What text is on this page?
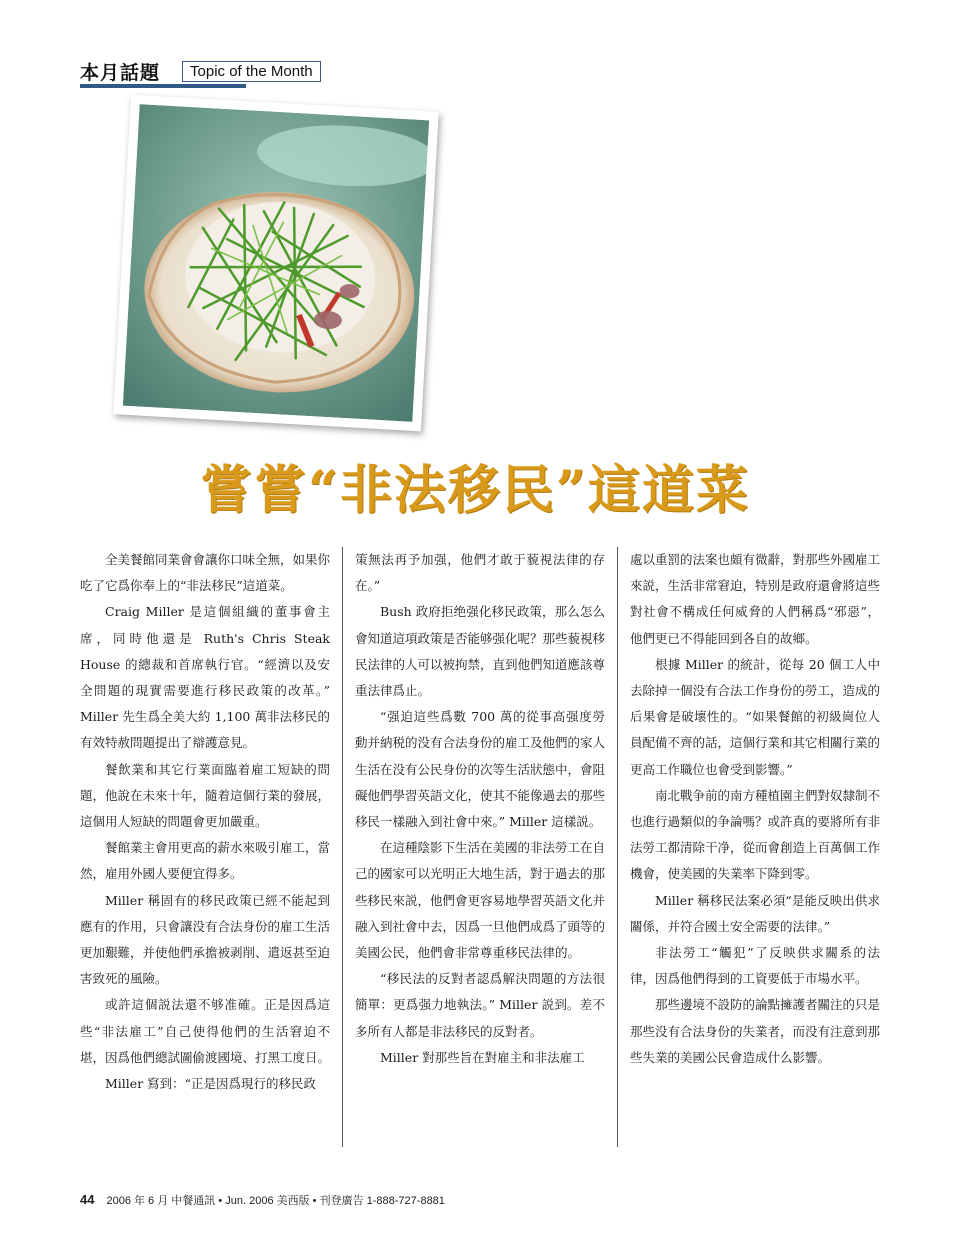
本月話題	Topic of the Month
嘗嘗“非法移民”這道菜

全美餐館同業會會讓你口味全無，如果你吃了它爲你奉上的“非法移民”這道菜。

Craig Miller 是這個組織的董事會主席，同時他還是 Ruth's Chris Steak House 的總裁和首席執行官。“經濟以及安全問題的現實需要進行移民政策的改革。” Miller 先生爲全美大約 1,100 萬非法移民的有效特赦問題提出了辯護意見。

餐飲業和其它行業面臨着雇工短缺的問題，他說在未來十年，隨着這個行業的發展，這個用人短缺的問題會更加嚴重。

餐館業主會用更高的薪水來吸引雇工，當然，雇用外國人要便宜得多。

Miller 稱固有的移民政策已經不能起到應有的作用，只會讓没有合法身份的雇工生活更加艱難，并使他們承擔被剥削、遣返甚至迫害致死的風險。

或許這個説法還不够准確。正是因爲這些“非法雇工”自己使得他們的生活窘迫不堪，因爲他們總試圖偷渡國境、打黑工度日。

Miller 寫到：“正是因爲現行的移民政

策無法再予加强，他們才敢于藐視法律的存在。”

Bush 政府拒绝强化移民政策，那么怎么會知道這項政策是否能够强化呢？那些藐視移民法律的人可以被拘禁，直到他們知道應該尊重法律爲止。

“强迫這些爲數 700 萬的從事高强度勞動并納税的没有合法身份的雇工及他們的家人生活在没有公民身份的次等生活狀態中，會阻礙他們學習英語文化，使其不能像過去的那些移民一樣融入到社會中來。” Miller 這樣説。

在這種陰影下生活在美國的非法勞工在自己的國家可以光明正大地生活，對于過去的那些移民來説，他們會更容易地學習英語文化并融入到社會中去，因爲一旦他們成爲了頭等的美國公民，他們會非常尊重移民法律的。

“移民法的反對者認爲解決問題的方法很簡單：更爲强力地執法。” Miller 説到。差不多所有人都是非法移民的反對者。

Miller 對那些旨在對雇主和非法雇工

處以重罰的法案也頗有微辭，對那些外國雇工來説，生活非常窘迫，特别是政府還會將這些對社會不構成任何威脅的人們稱爲“邪惡”，他們更已不得能回到各自的故鄉。

根據 Miller 的統計，從每 20 個工人中去除掉一個没有合法工作身份的勞工，造成的后果會是破壞性的。“如果餐館的初級崗位人員配備不齊的話，這個行業和其它相關行業的更高工作職位也會受到影響。”

南北戰争前的南方種植園主們對奴隸制不也進行過類似的争論嗎？或許真的要將所有非法勞工都清除干净，從而會創造上百萬個工作機會，使美國的失業率下降到零。

Miller 稱移民法案必須“是能反映出供求關係，并符合國土安全需要的法律。”

非法勞工“觸犯”了反映供求關系的法律，因爲他們得到的工資要低于市場水平。

那些邊境不設防的論點擁護者關注的只是那些没有合法身份的失業者，而没有注意到那些失業的美國公民會造成什么影響。

44 2006 年 6 月 中餐通訊 • Jun. 2006 美西版 • 刊登廣告 1-888-727-8881
